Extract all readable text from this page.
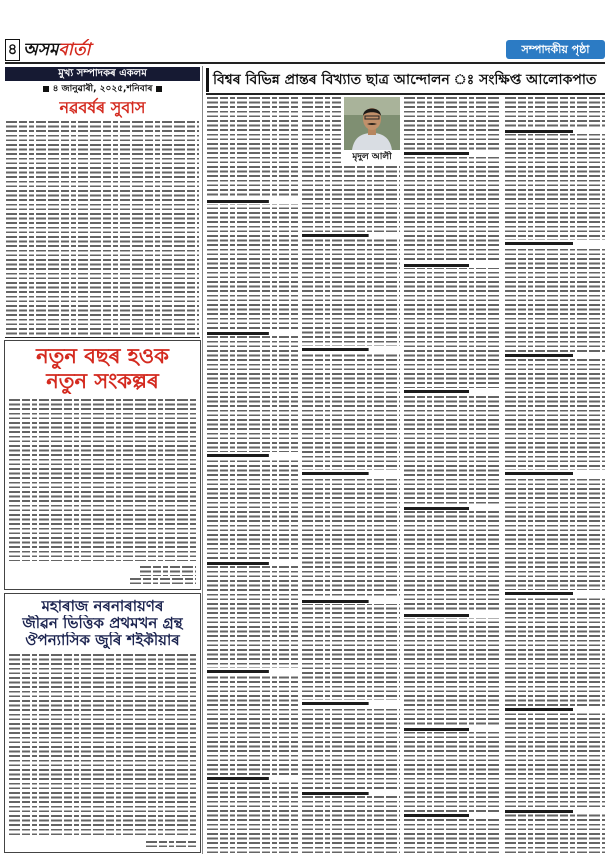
৪ অসমবাৰ্তা	সম্পাদকীয় পৃষ্ঠা
মুখ্য সম্পাদকৰ একলম
৪ জানুৱাৰী, ২০২৫,শনিবাৰ
নৱবৰ্ষৰ সুবাস
নতুন বছৰ হওক
নতুন সংকল্পৰ
মহাৰাজ নৰনাৰায়ণৰ
জীৱন ভিত্তিক প্ৰথমখন গ্ৰন্থ
ঔপন্যাসিক জুৰি শইকীয়াৰ
বিশ্বৰ বিভিন্ন প্ৰান্তৰ বিখ্যাত ছাত্ৰ আন্দোলন ঃ সংক্ষিপ্ত আলোকপাত
মৃদুল আলী
